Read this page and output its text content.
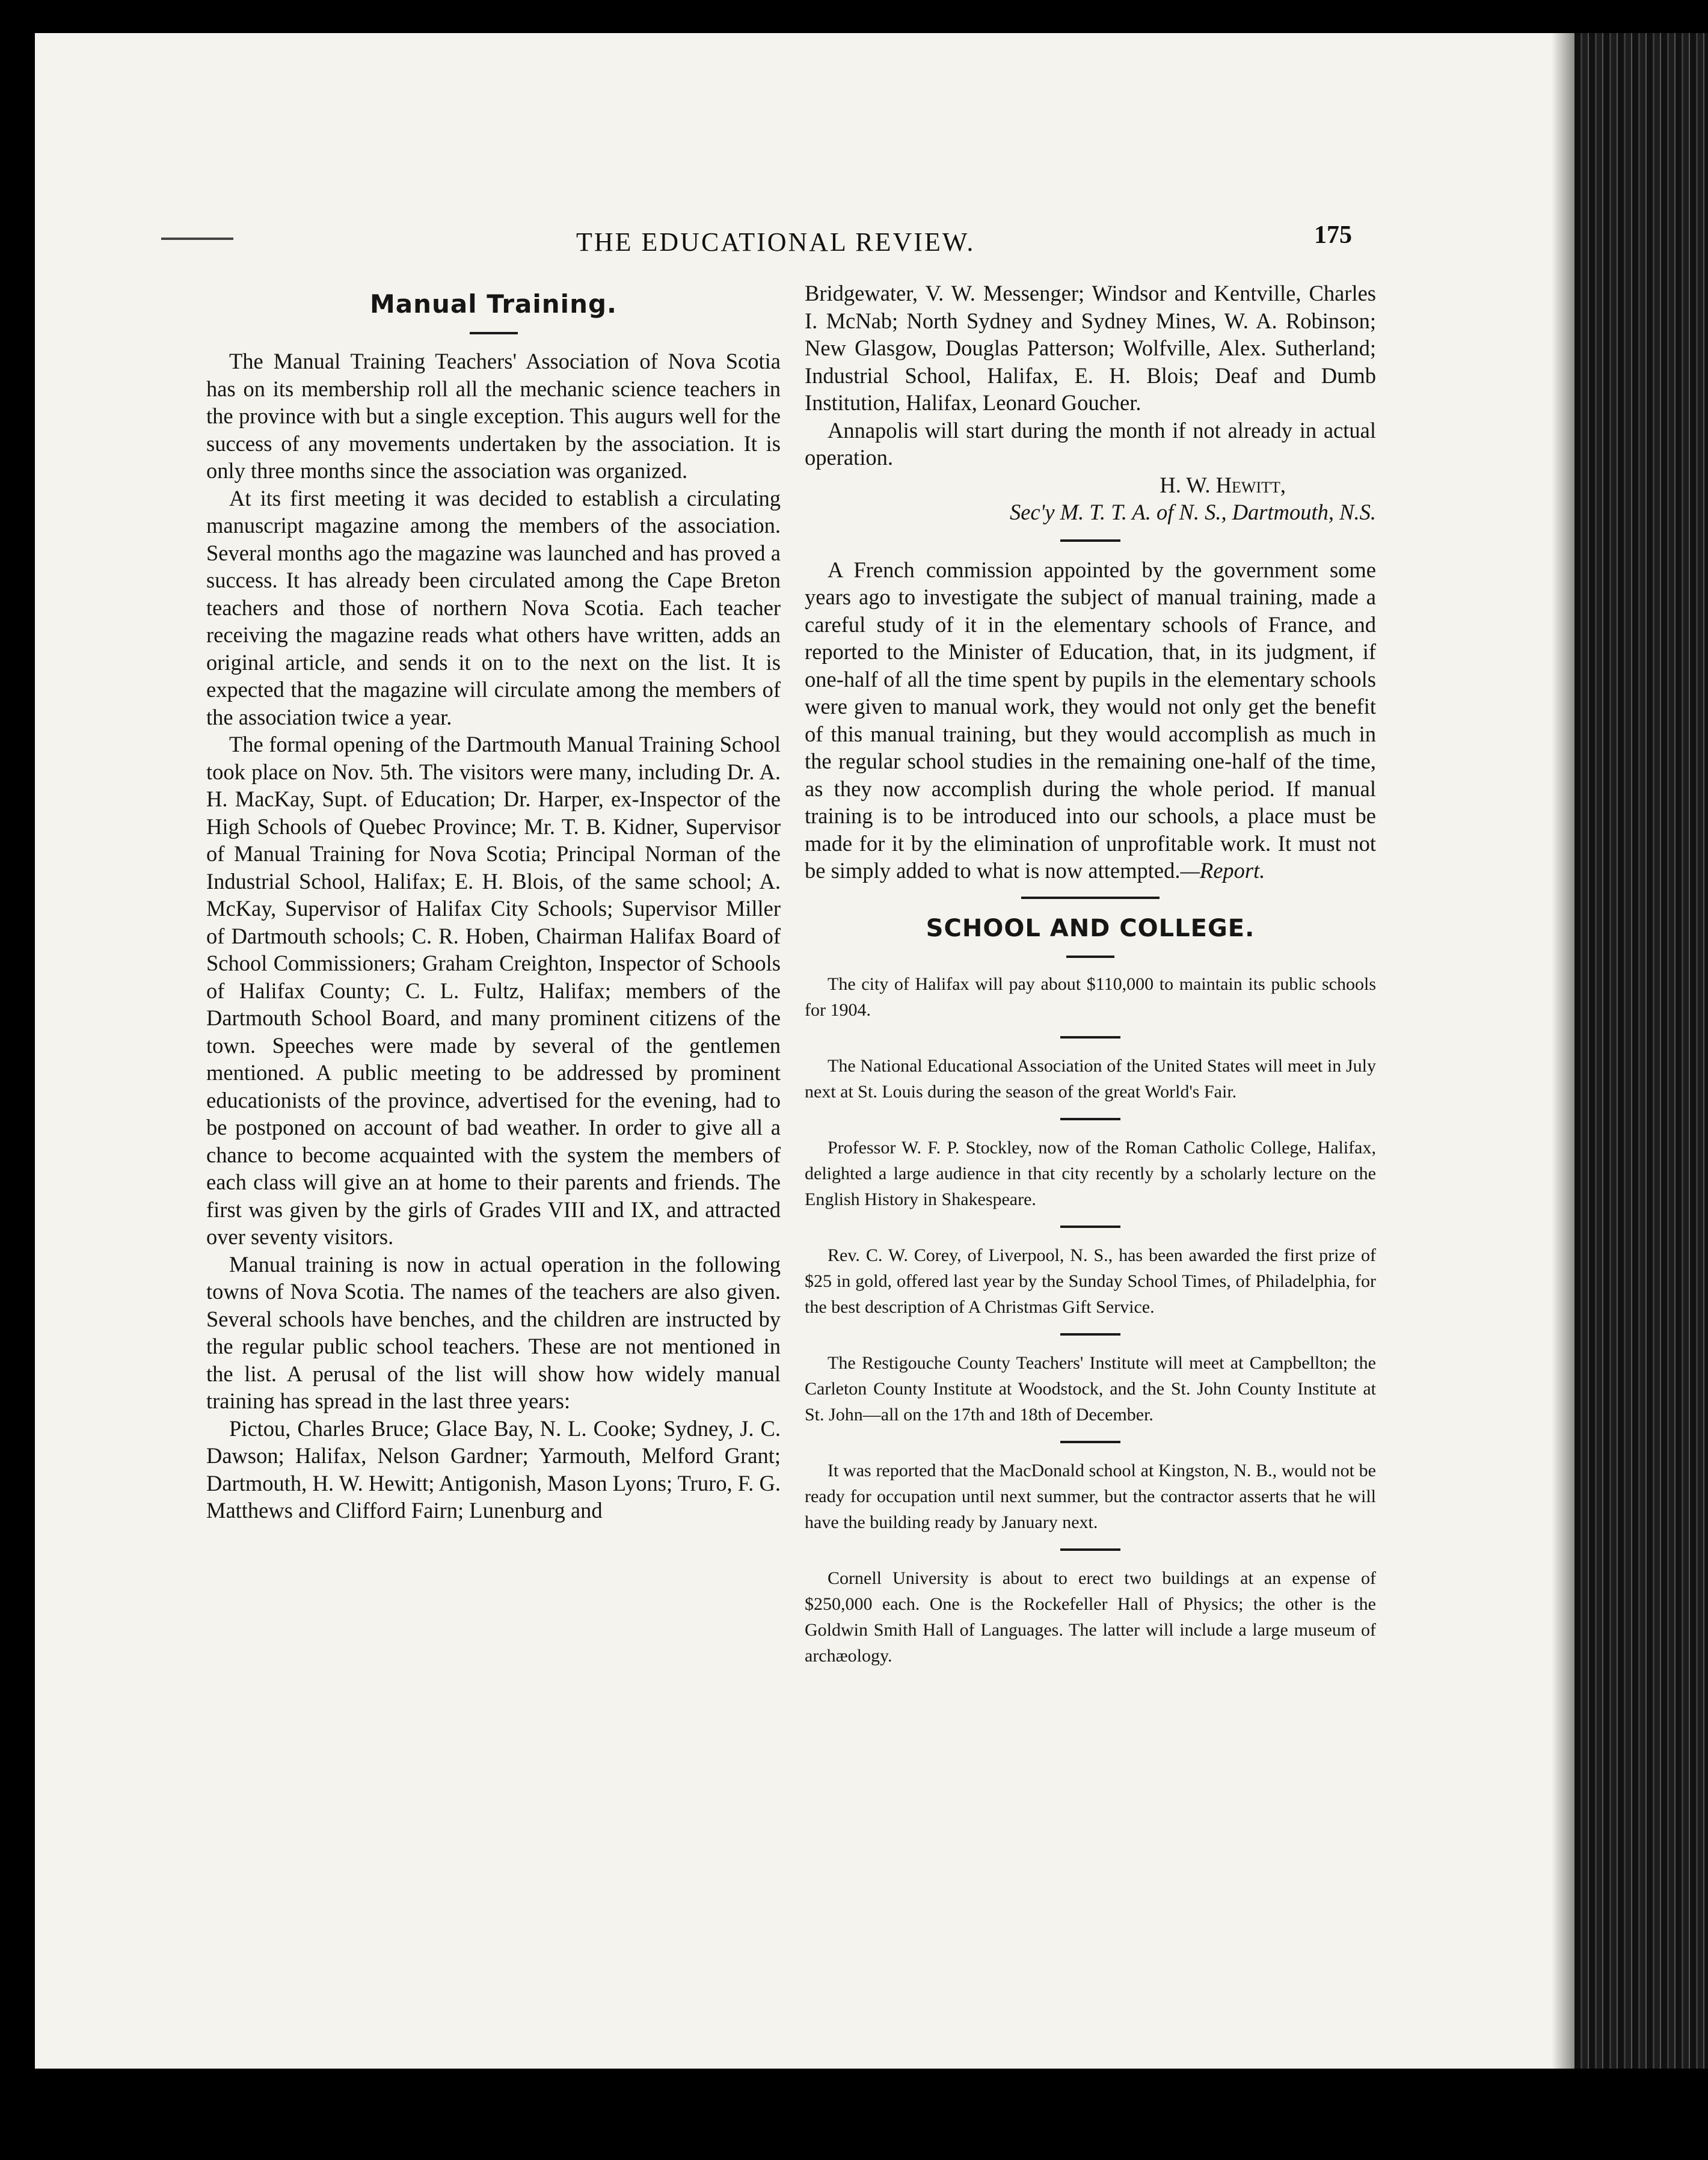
THE EDUCATIONAL REVIEW.	175
Manual Training.

The Manual Training Teachers' Association of Nova Scotia has on its membership roll all the mechanic science teachers in the province with but a single exception. This augurs well for the success of any movements undertaken by the association. It is only three months since the association was organized.

At its first meeting it was decided to establish a circulating manuscript magazine among the members of the association. Several months ago the magazine was launched and has proved a success. It has already been circulated among the Cape Breton teachers and those of northern Nova Scotia. Each teacher receiving the magazine reads what others have written, adds an original article, and sends it on to the next on the list. It is expected that the magazine will circulate among the members of the association twice a year.

The formal opening of the Dartmouth Manual Training School took place on Nov. 5th. The visitors were many, including Dr. A. H. MacKay, Supt. of Education; Dr. Harper, ex-Inspector of the High Schools of Quebec Province; Mr. T. B. Kidner, Supervisor of Manual Training for Nova Scotia; Principal Norman of the Industrial School, Halifax; E. H. Blois, of the same school; A. McKay, Supervisor of Halifax City Schools; Supervisor Miller of Dartmouth schools; C. R. Hoben, Chairman Halifax Board of School Commissioners; Graham Creighton, Inspector of Schools of Halifax County; C. L. Fultz, Halifax; members of the Dartmouth School Board, and many prominent citizens of the town. Speeches were made by several of the gentlemen mentioned. A public meeting to be addressed by prominent educationists of the province, advertised for the evening, had to be postponed on account of bad weather. In order to give all a chance to become acquainted with the system the members of each class will give an at home to their parents and friends. The first was given by the girls of Grades VIII and IX, and attracted over seventy visitors.

Manual training is now in actual operation in the following towns of Nova Scotia. The names of the teachers are also given. Several schools have benches, and the children are instructed by the regular public school teachers. These are not mentioned in the list. A perusal of the list will show how widely manual training has spread in the last three years:

Pictou, Charles Bruce; Glace Bay, N. L. Cooke; Sydney, J. C. Dawson; Halifax, Nelson Gardner; Yarmouth, Melford Grant; Dartmouth, H. W. Hewitt; Antigonish, Mason Lyons; Truro, F. G. Matthews and Clifford Fairn; Lunenburg and

Bridgewater, V. W. Messenger; Windsor and Kentville, Charles I. McNab; North Sydney and Sydney Mines, W. A. Robinson; New Glasgow, Douglas Patterson; Wolfville, Alex. Sutherland; Industrial School, Halifax, E. H. Blois; Deaf and Dumb Institution, Halifax, Leonard Goucher.

Annapolis will start during the month if not already in actual operation.

H. W. Hewitt,
Sec'y M. T. T. A. of N. S., Dartmouth, N.S.

A French commission appointed by the government some years ago to investigate the subject of manual training, made a careful study of it in the elementary schools of France, and reported to the Minister of Education, that, in its judgment, if one-half of all the time spent by pupils in the elementary schools were given to manual work, they would not only get the benefit of this manual training, but they would accomplish as much in the regular school studies in the remaining one-half of the time, as they now accomplish during the whole period. If manual training is to be introduced into our schools, a place must be made for it by the elimination of unprofitable work. It must not be simply added to what is now attempted.—Report.

SCHOOL AND COLLEGE.

The city of Halifax will pay about $110,000 to maintain its public schools for 1904.

The National Educational Association of the United States will meet in July next at St. Louis during the season of the great World's Fair.

Professor W. F. P. Stockley, now of the Roman Catholic College, Halifax, delighted a large audience in that city recently by a scholarly lecture on the English History in Shakespeare.

Rev. C. W. Corey, of Liverpool, N. S., has been awarded the first prize of $25 in gold, offered last year by the Sunday School Times, of Philadelphia, for the best description of A Christmas Gift Service.

The Restigouche County Teachers' Institute will meet at Campbellton; the Carleton County Institute at Woodstock, and the St. John County Institute at St. John—all on the 17th and 18th of December.

It was reported that the MacDonald school at Kingston, N. B., would not be ready for occupation until next summer, but the contractor asserts that he will have the building ready by January next.

Cornell University is about to erect two buildings at an expense of $250,000 each. One is the Rockefeller Hall of Physics; the other is the Goldwin Smith Hall of Languages. The latter will include a large museum of archæology.
